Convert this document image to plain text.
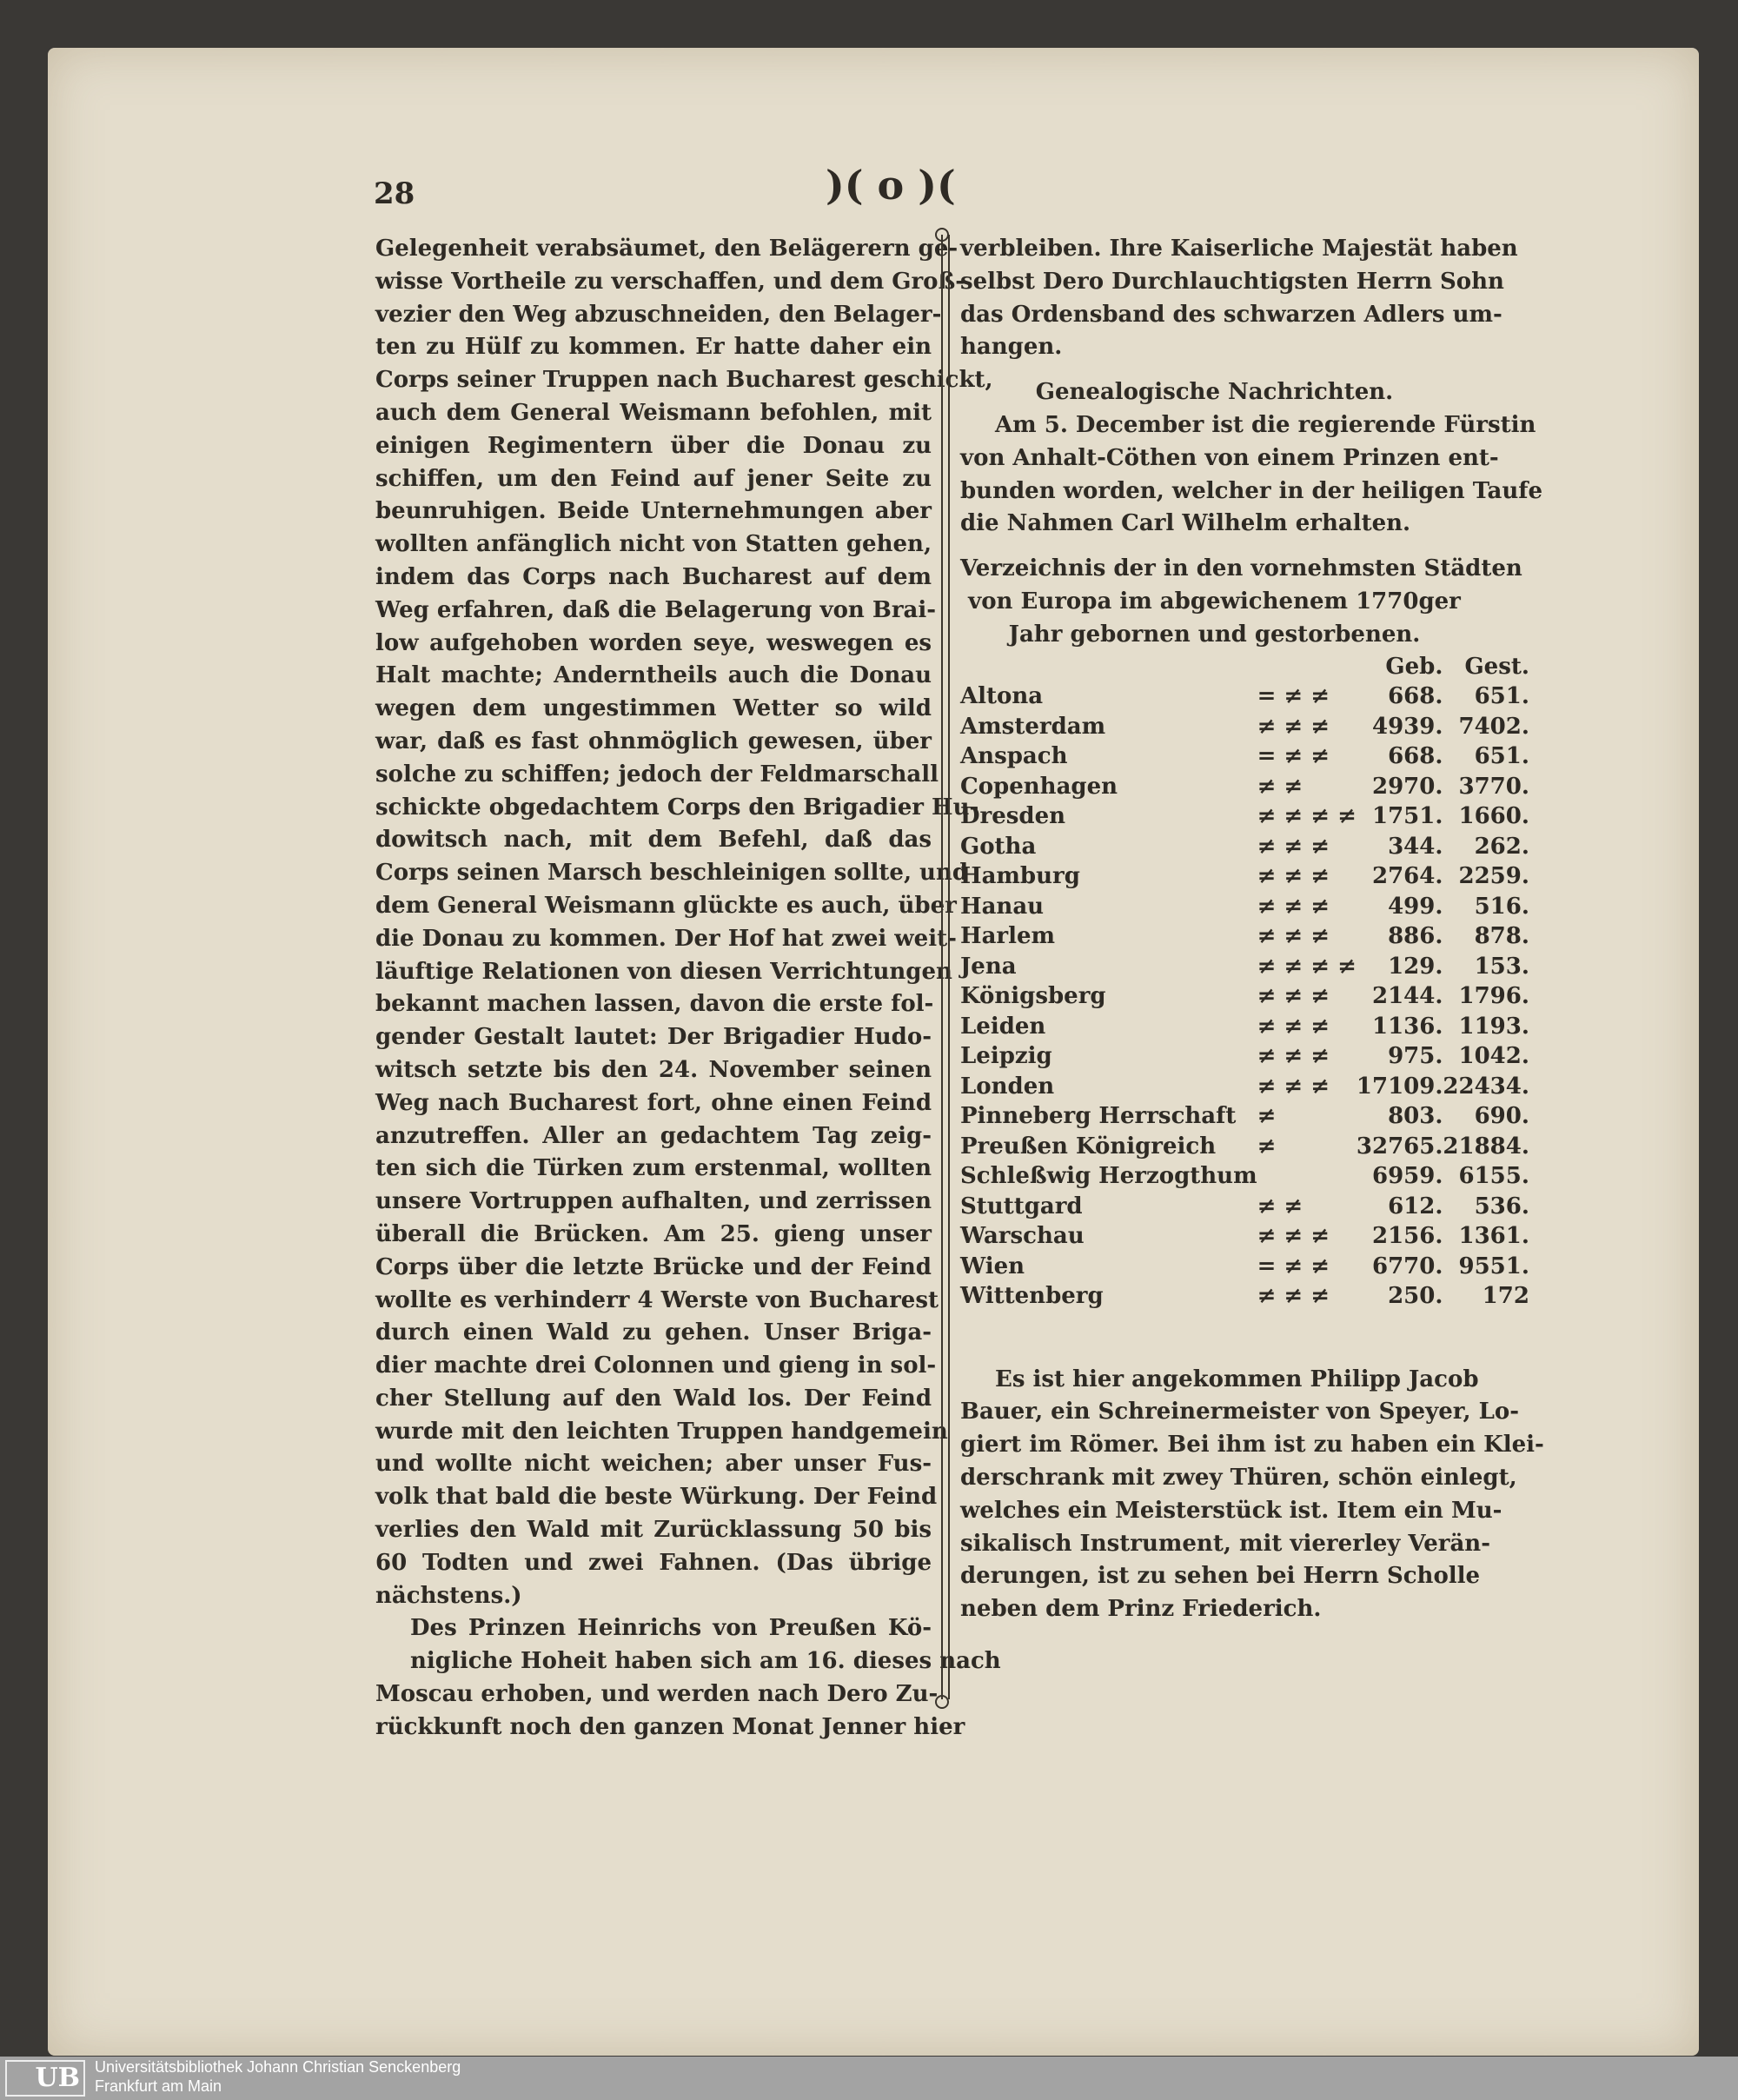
28	)( o )(
Gelegenheit verabsäumet, den Belägerern ge-
wisse Vortheile zu verschaffen, und dem Groß-
vezier den Weg abzuschneiden, den Belager-
ten zu Hülf zu kommen. Er hatte daher ein
Corps seiner Truppen nach Bucharest geschickt,
auch dem General Weismann befohlen, mit
einigen Regimentern über die Donau zu
schiffen, um den Feind auf jener Seite zu
beunruhigen. Beide Unternehmungen aber
wollten anfänglich nicht von Statten gehen,
indem das Corps nach Bucharest auf dem
Weg erfahren, daß die Belagerung von Brai-
low aufgehoben worden seye, weswegen es
Halt machte; Anderntheils auch die Donau
wegen dem ungestimmen Wetter so wild
war, daß es fast ohnmöglich gewesen, über
solche zu schiffen; jedoch der Feldmarschall
schickte obgedachtem Corps den Brigadier Hu-
dowitsch nach, mit dem Befehl, daß das
Corps seinen Marsch beschleinigen sollte, und
dem General Weismann glückte es auch, über
die Donau zu kommen. Der Hof hat zwei weit-
läuftige Relationen von diesen Verrichtungen
bekannt machen lassen, davon die erste fol-
gender Gestalt lautet: Der Brigadier Hudo-
witsch setzte bis den 24. November seinen
Weg nach Bucharest fort, ohne einen Feind
anzutreffen. Aller an gedachtem Tag zeig-
ten sich die Türken zum erstenmal, wollten
unsere Vortruppen aufhalten, und zerrissen
überall die Brücken. Am 25. gieng unser
Corps über die letzte Brücke und der Feind
wollte es verhinderr 4 Werste von Bucharest
durch einen Wald zu gehen. Unser Briga-
dier machte drei Colonnen und gieng in sol-
cher Stellung auf den Wald los. Der Feind
wurde mit den leichten Truppen handgemein
und wollte nicht weichen; aber unser Fus-
volk that bald die beste Würkung. Der Feind
verlies den Wald mit Zurücklassung 50 bis
60 Todten und zwei Fahnen. (Das übrige
nächstens.)
Des Prinzen Heinrichs von Preußen Kö-
nigliche Hoheit haben sich am 16. dieses nach
Moscau erhoben, und werden nach Dero Zu-
rückkunft noch den ganzen Monat Jenner hier
verbleiben. Ihre Kaiserliche Majestät haben
selbst Dero Durchlauchtigsten Herrn Sohn
das Ordensband des schwarzen Adlers um-
hangen.
Genealogische Nachrichten.
Am 5. December ist die regierende Fürstin
von Anhalt-Cöthen von einem Prinzen ent-
bunden worden, welcher in der heiligen Taufe
die Nahmen Carl Wilhelm erhalten.
Verzeichnis der in den vornehmsten Städten
von Europa im abgewichenem 1770ger
Jahr gebornen und gestorbenen.
		Geb.	Gest.
Altona	= ≠ ≠	668.	651.
Amsterdam	≠ ≠ ≠	4939.	7402.
Anspach	= ≠ ≠	668.	651.
Copenhagen	≠ ≠	2970.	3770.
Dresden	≠ ≠ ≠ ≠	1751.	1660.
Gotha	≠ ≠ ≠	344.	262.
Hamburg	≠ ≠ ≠	2764.	2259.
Hanau	≠ ≠ ≠	499.	516.
Harlem	≠ ≠ ≠	886.	878.
Jena	≠ ≠ ≠ ≠	129.	153.
Königsberg	≠ ≠ ≠	2144.	1796.
Leiden	≠ ≠ ≠	1136.	1193.
Leipzig	≠ ≠ ≠	975.	1042.
Londen	≠ ≠ ≠	17109.	22434.
Pinneberg Herrschaft	≠	803.	690.
Preußen Königreich	≠	32765.	21884.
Schleßwig Herzogthum		6959.	6155.
Stuttgard	≠ ≠	612.	536.
Warschau	≠ ≠ ≠	2156.	1361.
Wien	= ≠ ≠	6770.	9551.
Wittenberg	≠ ≠ ≠	250.	172
Es ist hier angekommen Philipp Jacob
Bauer, ein Schreinermeister von Speyer, Lo-
giert im Römer. Bei ihm ist zu haben ein Klei-
derschrank mit zwey Thüren, schön einlegt,
welches ein Meisterstück ist. Item ein Mu-
sikalisch Instrument, mit viererley Verän-
derungen, ist zu sehen bei Herrn Scholle
neben dem Prinz Friederich.
UB Universitätsbibliothek Johann Christian Senckenberg
Frankfurt am Main
